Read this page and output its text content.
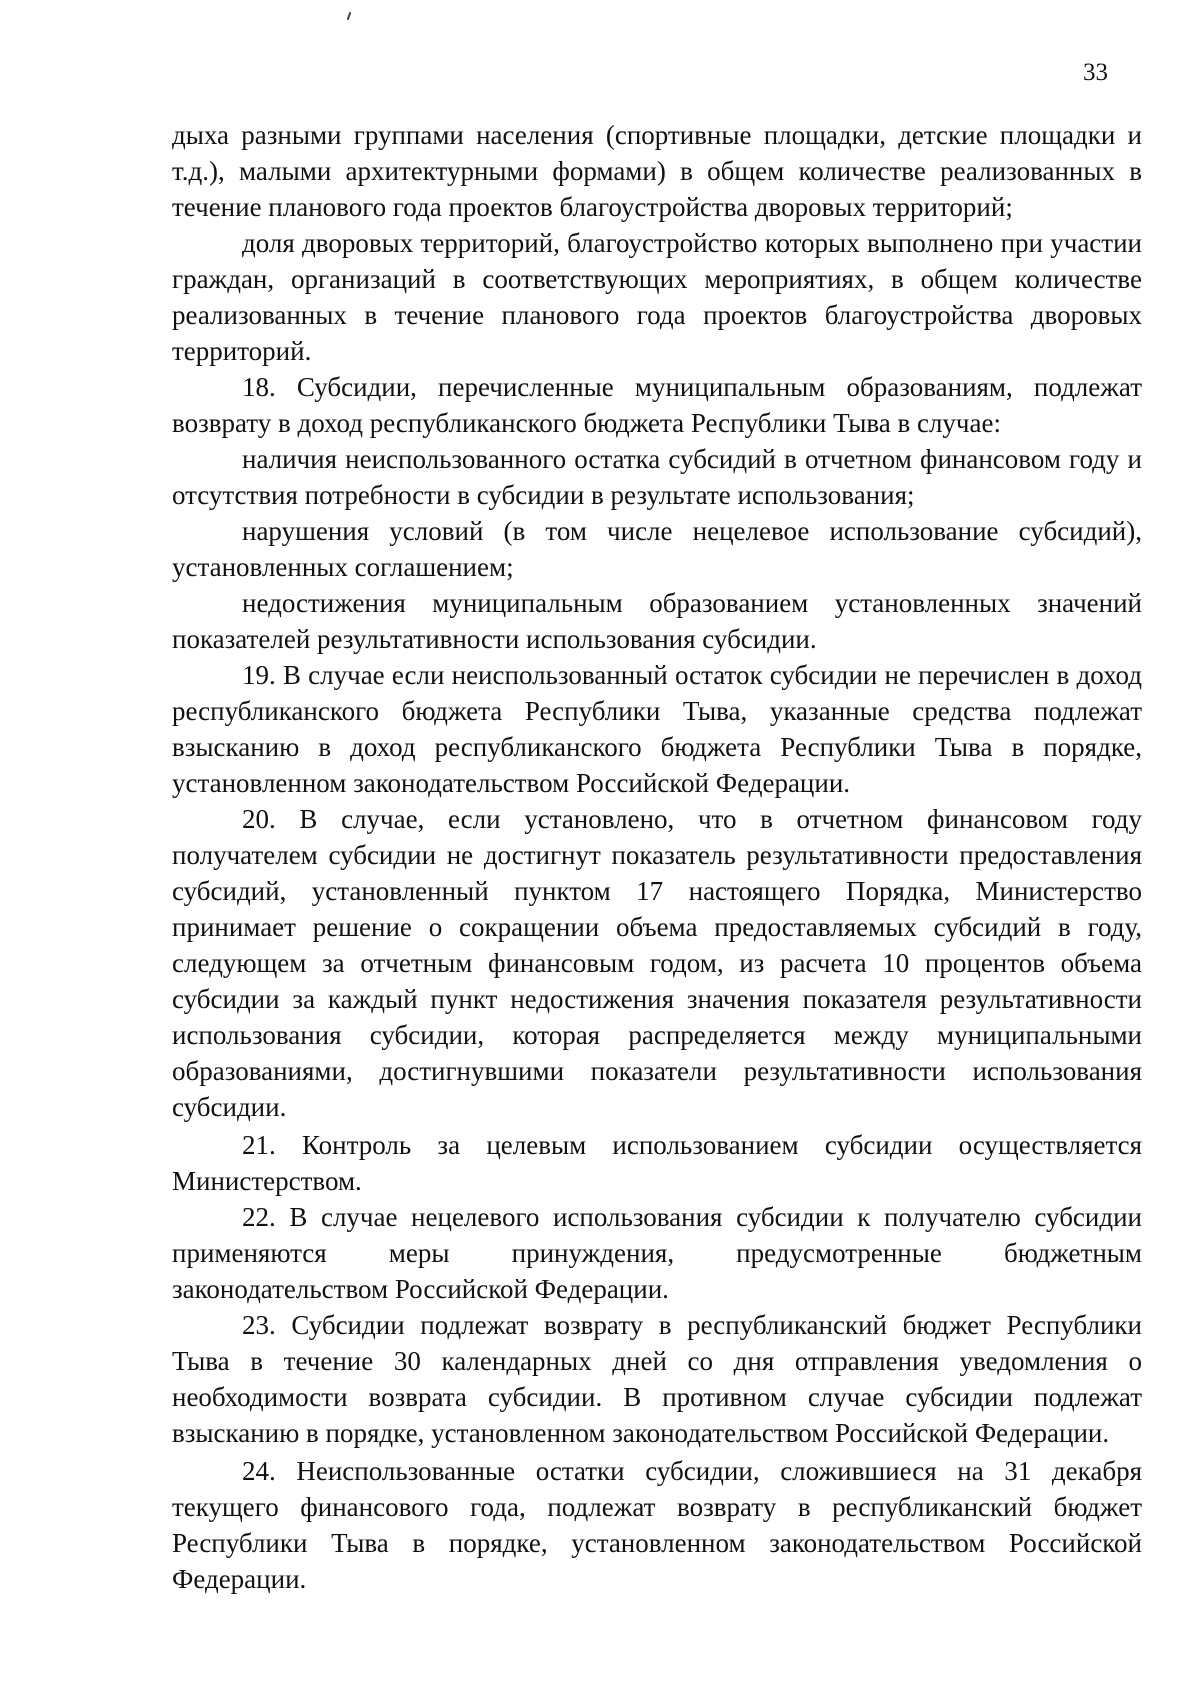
33

дыха разными группами населения (спортивные площадки, детские площадки и т.д.), малыми архитектурными формами) в общем количестве реализованных в течение планового года проектов благоустройства дворовых территорий;

доля дворовых территорий, благоустройство которых выполнено при участии граждан, организаций в соответствующих мероприятиях, в общем количестве реализованных в течение планового года проектов благоустройства дворовых территорий.

18. Субсидии, перечисленные муниципальным образованиям, подлежат возврату в доход республиканского бюджета Республики Тыва в случае:

наличия неиспользованного остатка субсидий в отчетном финансовом году и отсутствия потребности в субсидии в результате использования;

нарушения условий (в том числе нецелевое использование субсидий), установленных соглашением;

недостижения муниципальным образованием установленных значений показателей результативности использования субсидии.

19. В случае если неиспользованный остаток субсидии не перечислен в доход республиканского бюджета Республики Тыва, указанные средства подлежат взысканию в доход республиканского бюджета Республики Тыва в порядке, установленном законодательством Российской Федерации.

20. В случае, если установлено, что в отчетном финансовом году получателем субсидии не достигнут показатель результативности предоставления субсидий, установленный пунктом 17 настоящего Порядка, Министерство принимает решение о сокращении объема предоставляемых субсидий в году, следующем за отчетным финансовым годом, из расчета 10 процентов объема субсидии за каждый пункт недостижения значения показателя результативности использования субсидии, которая распределяется между муниципальными образованиями, достигнувшими показатели результативности использования субсидии.

21. Контроль за целевым использованием субсидии осуществляется Министерством.

22. В случае нецелевого использования субсидии к получателю субсидии применяются меры принуждения, предусмотренные бюджетным законодательством Российской Федерации.

23. Субсидии подлежат возврату в республиканский бюджет Республики Тыва в течение 30 календарных дней со дня отправления уведомления о необходимости возврата субсидии. В противном случае субсидии подлежат взысканию в порядке, установленном законодательством Российской Федерации.

24. Неиспользованные остатки субсидии, сложившиеся на 31 декабря текущего финансового года, подлежат возврату в республиканский бюджет Республики Тыва в порядке, установленном законодательством Российской Федерации.
